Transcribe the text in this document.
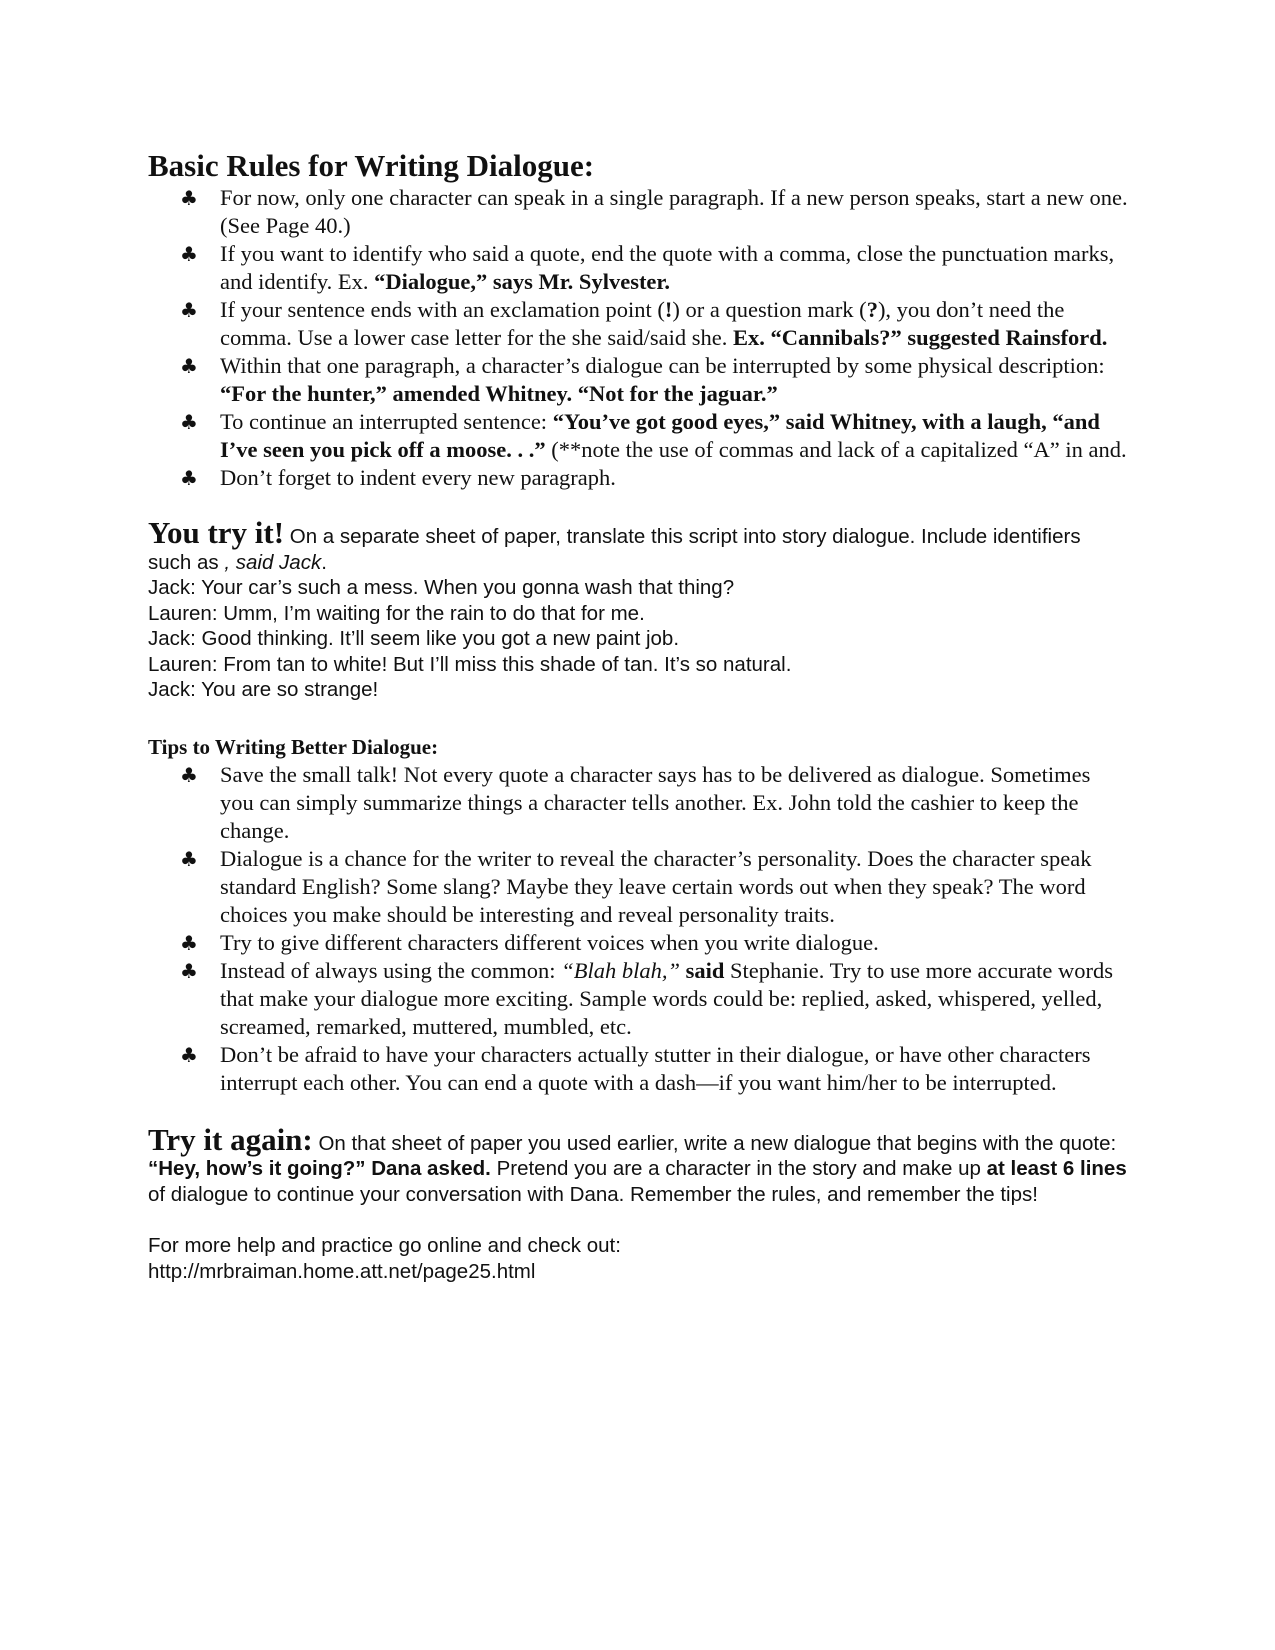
Basic Rules for Writing Dialogue:
♣ For now, only one character can speak in a single paragraph. If a new person speaks, start a new one. (See Page 40.)
♣ If you want to identify who said a quote, end the quote with a comma, close the punctuation marks, and identify. Ex. “Dialogue,” says Mr. Sylvester.
♣ If your sentence ends with an exclamation point (!) or a question mark (?), you don’t need the comma. Use a lower case letter for the she said/said she. Ex. “Cannibals?” suggested Rainsford.
♣ Within that one paragraph, a character’s dialogue can be interrupted by some physical description: “For the hunter,” amended Whitney. “Not for the jaguar.”
♣ To continue an interrupted sentence: “You’ve got good eyes,” said Whitney, with a laugh, “and I’ve seen you pick off a moose. . .” (**note the use of commas and lack of a capitalized “A” in and.
♣ Don’t forget to indent every new paragraph.
You try it! On a separate sheet of paper, translate this script into story dialogue. Include identifiers such as , said Jack.

Jack: Your car’s such a mess. When you gonna wash that thing?

Lauren: Umm, I’m waiting for the rain to do that for me.

Jack: Good thinking. It’ll seem like you got a new paint job.

Lauren: From tan to white! But I’ll miss this shade of tan. It’s so natural.

Jack: You are so strange!

Tips to Writing Better Dialogue:
♣ Save the small talk! Not every quote a character says has to be delivered as dialogue. Sometimes you can simply summarize things a character tells another. Ex. John told the cashier to keep the change.
♣ Dialogue is a chance for the writer to reveal the character’s personality. Does the character speak standard English? Some slang? Maybe they leave certain words out when they speak? The word choices you make should be interesting and reveal personality traits.
♣ Try to give different characters different voices when you write dialogue.
♣ Instead of always using the common: “Blah blah,” said Stephanie. Try to use more accurate words that make your dialogue more exciting. Sample words could be: replied, asked, whispered, yelled, screamed, remarked, muttered, mumbled, etc.
♣ Don’t be afraid to have your characters actually stutter in their dialogue, or have other characters interrupt each other. You can end a quote with a dash—if you want him/her to be interrupted.
Try it again: On that sheet of paper you used earlier, write a new dialogue that begins with the quote: “Hey, how’s it going?” Dana asked. Pretend you are a character in the story and make up at least 6 lines of dialogue to continue your conversation with Dana. Remember the rules, and remember the tips!
For more help and practice go online and check out:
http://mrbraiman.home.att.net/page25.html
